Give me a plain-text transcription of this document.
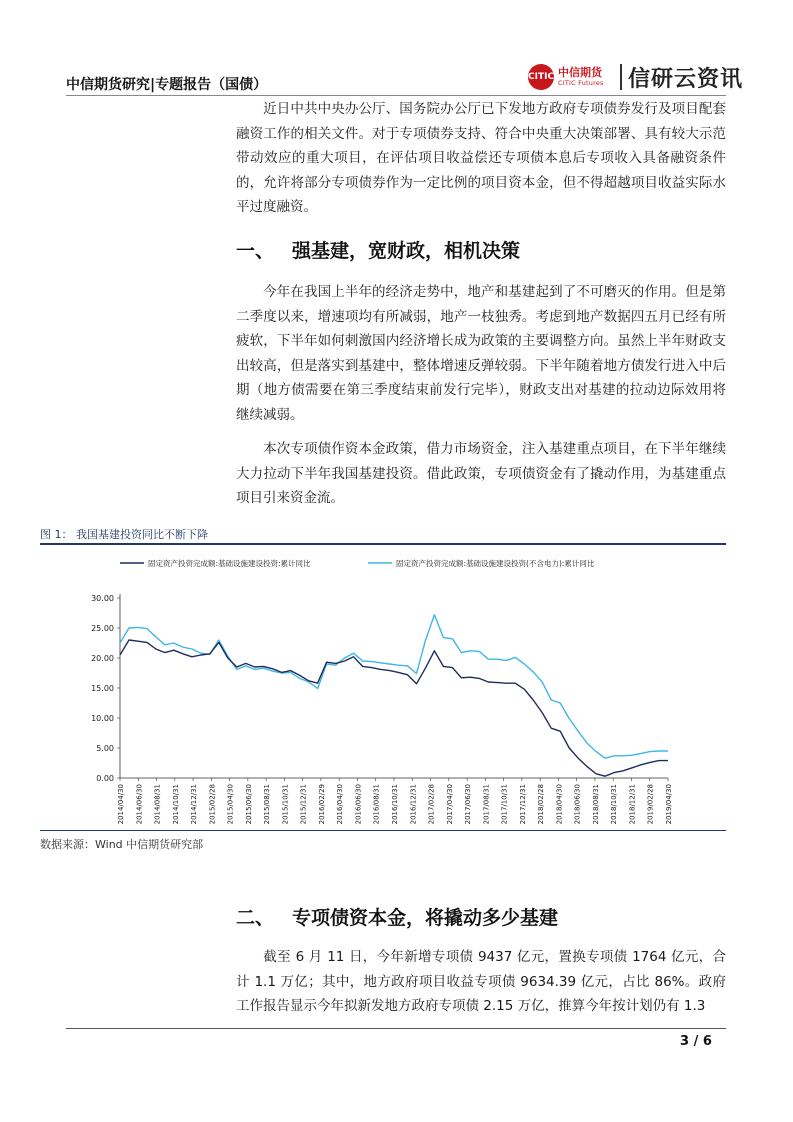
中信期货研究|专题报告（国债）	CITIC 中信期货
CITIC Futures 信研云资讯

近日中共中央办公厅、国务院办公厅已下发地方政府专项债券发行及项目配套融资工作的相关文件。对于专项债券支持、符合中央重大决策部署、具有较大示范带动效应的重大项目，在评估项目收益偿还专项债本息后专项收入具备融资条件的，允许将部分专项债券作为一定比例的项目资本金，但不得超越项目收益实际水平过度融资。

一、 强基建，宽财政，相机决策

今年在我国上半年的经济走势中，地产和基建起到了不可磨灭的作用。但是第二季度以来，增速项均有所减弱，地产一枝独秀。考虑到地产数据四五月已经有所疲软，下半年如何刺激国内经济增长成为政策的主要调整方向。虽然上半年财政支出较高，但是落实到基建中，整体增速反弹较弱。下半年随着地方债发行进入中后期（地方债需要在第三季度结束前发行完毕），财政支出对基建的拉动边际效用将继续减弱。

本次专项债作资本金政策，借力市场资金，注入基建重点项目，在下半年继续大力拉动下半年我国基建投资。借此政策，专项债资金有了撬动作用，为基建重点项目引来资金流。

图 1： 我国基建投资同比不断下降
固定资产投资完成额:基础设施建设投资:累计同比	固定资产投资完成额:基础设施建设投资(不含电力):累计同比
0.00
5.00
10.00
15.00
20.00
25.00
30.00
2014/04/30 2014/06/30 2014/08/31 2014/10/31 2014/12/31 2015/02/28 2015/04/30 2015/06/30 2015/08/31 2015/10/31 2015/12/31 2016/02/29 2016/04/30 2016/06/30 2016/08/31 2016/10/31 2016/12/31 2017/02/28 2017/04/30 2017/06/30 2017/08/31 2017/10/31 2017/12/31 2018/02/28 2018/04/30 2018/06/30 2018/08/31 2018/10/31 2018/12/31 2019/02/28 2019/04/30
数据来源：Wind 中信期货研究部
二、 专项债资本金，将撬动多少基建

截至 6 月 11 日，今年新增专项债 9437 亿元，置换专项债 1764 亿元，合计 1.1 万亿；其中，地方政府项目收益专项债 9634.39 亿元，占比 86%。政府工作报告显示今年拟新发地方政府专项债 2.15 万亿，推算今年按计划仍有 1.3

3 / 6
